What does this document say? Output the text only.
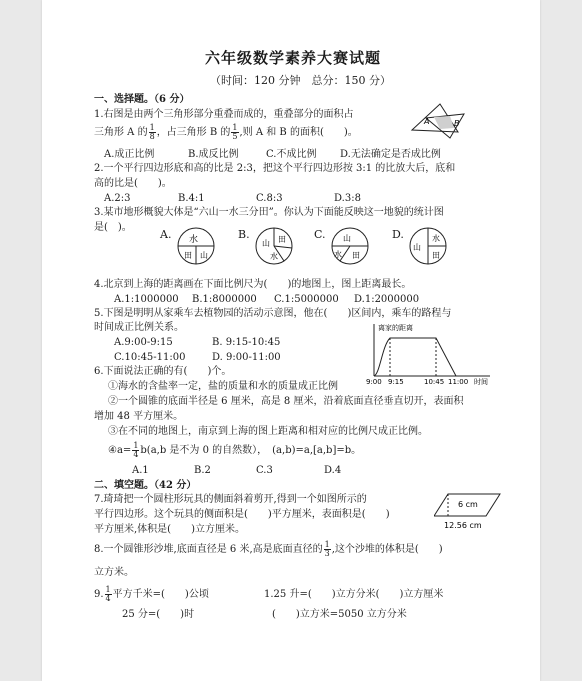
六年级数学素养大赛试题
（时间：120 分钟　总分：150 分）
一、选择题。（6 分）
1.右图是由两个三角形部分重叠而成的，重叠部分的面积占
三角形 A 的 $\frac{1}{8}$ ，占三角形 B 的 $\frac{1}{5}$ ,则 A 和 B 的面积(　　)。
A	B
A.成正比例	B.成反比例	C.不成比例 D.无法确定是否成比例
2.一个平行四边形底和高的比是 2:3，把这个平行四边形按 3:1 的比放大后，底和
高的比是(　　)。
A.2:3	B.4:1	C.8:3	D.3:8
3.某市地形概貌大体是“六山一水三分田”。你认为下面能反映这一地貌的统计图
是(　)。
A. 水
田 山
B.
山 田
水
C. 山
水 田
D.
山
水
田
4.北京到上海的距离画在下面比例尺为(　　)的地图上，图上距离最长。
A.1:1000000 B.1:8000000 C.1:5000000 D.1:2000000
5.下图是明明从家乘车去植物园的活动示意图，他在(　　)区间内，乘车的路程与
时间成正比例关系。
A.9:00-9:15	B. 9:15-10:45
C.10:45-11:00	D. 9:00-11:00
离家的距离
9:00 9:15	10:45 11:00 时间
6.下面说法正确的有(　　)个。
①海水的含盐率一定，盐的质量和水的质量成正比例
②一个圆锥的底面半径是 6 厘米，高是 8 厘米，沿着底面直径垂直切开，表面积
增加 48 平方厘米。
③在不同的地图上，南京到上海的图上距离和相对应的比例尺成正比例。
④a= $\frac{1}{4} b(a,b$ 是不为 0 的自然数），　(a,b)=a,[a,b]=b。
A.1	B.2	C.3	D.4
二、填空题。（42 分）
7.琦琦把一个圆柱形玩具的侧面斜着剪开,得到一个如图所示的
平行四边形。这个玩具的侧面积是(　　)平方厘米，表面积是(　　)
平方厘米,体积是(　　)立方厘米。
6 cm
12.56 cm
8.一个圆锥形沙堆,底面直径是 6 米,高是底面直径的 $\frac{1}{3}$ ,这个沙堆的体积是(　　)
立方米。
9. $\frac{1}{4}$ 平方千米=(　　)公顷	1.25 升=(　　)立方分米(　　)立方厘米
25 分=(　　)时	(　　)立方米=5050 立方分米
